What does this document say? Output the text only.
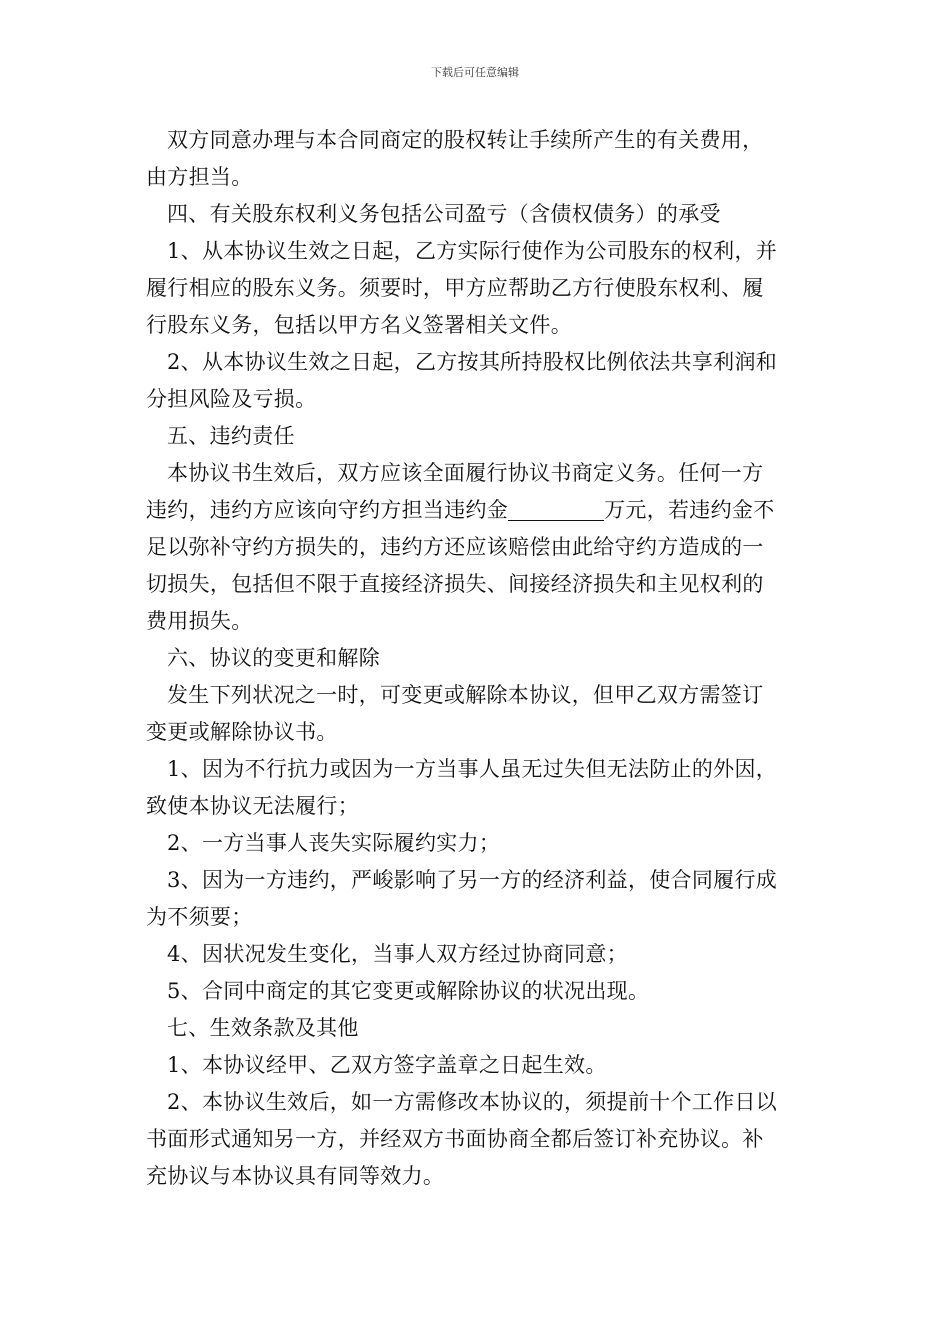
下载后可任意编辑

双方同意办理与本合同商定的股权转让手续所产生的有关费用，
由方担当。

四、有关股东权利义务包括公司盈亏（含债权债务）的承受

1、从本协议生效之日起，乙方实际行使作为公司股东的权利，并
履行相应的股东义务。须要时，甲方应帮助乙方行使股东权利、履
行股东义务，包括以甲方名义签署相关文件。

2、从本协议生效之日起，乙方按其所持股权比例依法共享利润和
分担风险及亏损。

五、违约责任

本协议书生效后，双方应该全面履行协议书商定义务。任何一方
违约，违约方应该向守约方担当违约金	万元，若违约金不
足以弥补守约方损失的，违约方还应该赔偿由此给守约方造成的一
切损失，包括但不限于直接经济损失、间接经济损失和主见权利的
费用损失。

六、协议的变更和解除

发生下列状况之一时，可变更或解除本协议，但甲乙双方需签订
变更或解除协议书。

1、因为不行抗力或因为一方当事人虽无过失但无法防止的外因，
致使本协议无法履行；

2、一方当事人丧失实际履约实力；

3、因为一方违约，严峻影响了另一方的经济利益，使合同履行成
为不须要；

4、因状况发生变化，当事人双方经过协商同意；

5、合同中商定的其它变更或解除协议的状况出现。

七、生效条款及其他

1、本协议经甲、乙双方签字盖章之日起生效。

2、本协议生效后，如一方需修改本协议的，须提前十个工作日以
书面形式通知另一方，并经双方书面协商全都后签订补充协议。补
充协议与本协议具有同等效力。
